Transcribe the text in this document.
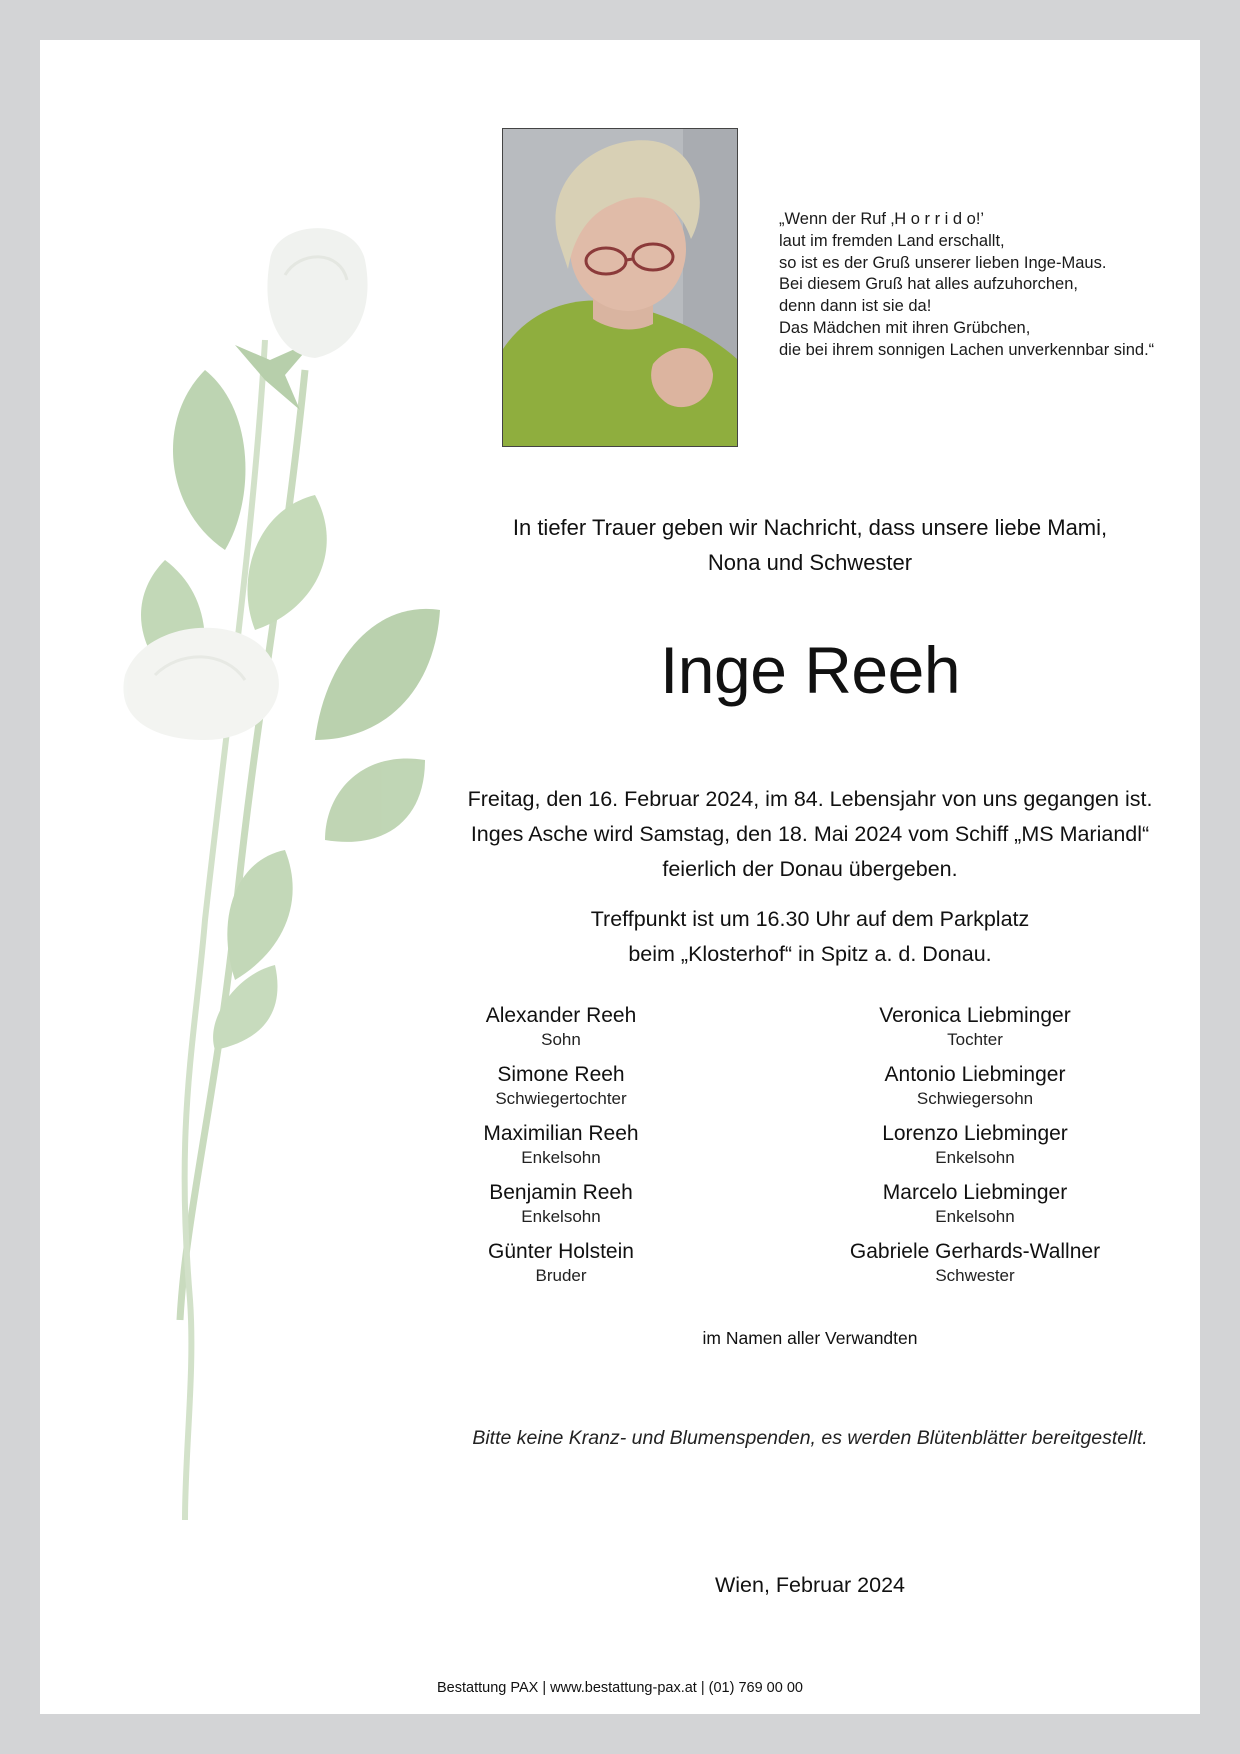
„Wenn der Ruf ‚H o r r i d o!’
laut im fremden Land erschallt,
so ist es der Gruß unserer lieben Inge-Maus.
Bei diesem Gruß hat alles aufzuhorchen,
denn dann ist sie da!
Das Mädchen mit ihren Grübchen,
die bei ihrem sonnigen Lachen unverkennbar sind.“
In tiefer Trauer geben wir Nachricht, dass unsere liebe Mami,
Nona und Schwester
Inge Reeh
Freitag, den 16. Februar 2024, im 84. Lebensjahr von uns gegangen ist.
Inges Asche wird Samstag, den 18. Mai 2024 vom Schiff „MS Mariandl“
feierlich der Donau übergeben.
Treffpunkt ist um 16.30 Uhr auf dem Parkplatz
beim „Klosterhof“ in Spitz a. d. Donau.
Alexander Reeh
Sohn
Simone Reeh
Schwiegertochter
Maximilian Reeh
Enkelsohn
Benjamin Reeh
Enkelsohn
Günter Holstein
Bruder
Veronica Liebminger
Tochter
Antonio Liebminger
Schwiegersohn
Lorenzo Liebminger
Enkelsohn
Marcelo Liebminger
Enkelsohn
Gabriele Gerhards-Wallner
Schwester
im Namen aller Verwandten
Bitte keine Kranz- und Blumenspenden, es werden Blütenblätter bereitgestellt.
Wien, Februar 2024
Bestattung PAX | www.bestattung-pax.at | (01) 769 00 00
